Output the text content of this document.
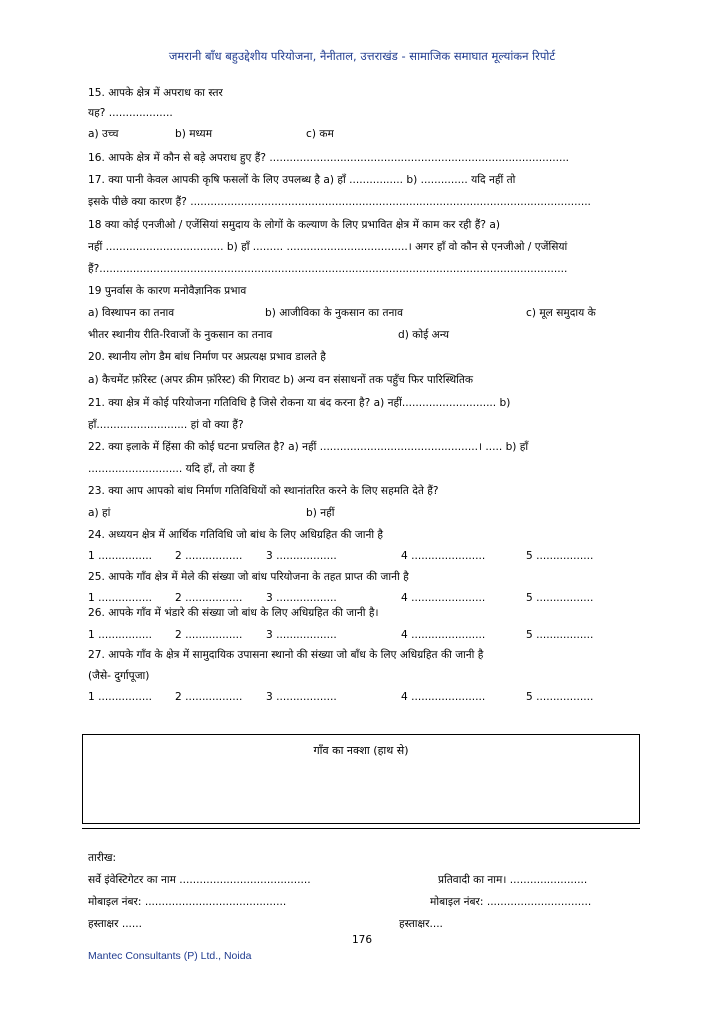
जमरानी बाँध बहुउद्देशीय परियोजना, नैनीताल, उत्तराखंड - सामाजिक समाघात मूल्यांकन रिपोर्ट
15. आपके क्षेत्र में अपराध का स्तर
यह? ...................
a) उच्च	b) मध्यम	c) कम
16. आपके क्षेत्र में कौन से बड़े अपराध हुए हैं? .........................................................................................
17. क्या पानी केवल आपकी कृषि फसलों के लिए उपलब्ध है a) हाँ ................ b) .............. यदि नहीं तो
इसके पीछे क्या कारण हैं? .......................................................................................................................
18 क्या कोई एनजीओ / एजेंसियां समुदाय के लोगों के कल्याण के लिए प्रभावित क्षेत्र में काम कर रही हैं? a)
नहीं ................................... b) हाँ ......... ....................................। अगर हाँ वो कौन से एनजीओ / एजेंसियां
हैं?...........................................................................................................................................
19 पुनर्वास के कारण मनोवैज्ञानिक प्रभाव
a) विस्थापन का तनाव	b) आजीविका के नुकसान का तनाव	c) मूल समुदाय के
भीतर स्थानीय रीति-रिवाजों के नुकसान का तनाव	d) कोई अन्य
20. स्थानीय लोग डैम बांध निर्माण पर अप्रत्यक्ष प्रभाव डालते है
a) कैचमेंट फ़ॉरेस्ट (अपर क्रीम फ़ॉरेस्ट) की गिरावट b) अन्य वन संसाधनों तक पहुँच फिर पारिस्थितिक
21. क्या क्षेत्र में कोई परियोजना गतिविधि है जिसे रोकना या बंद करना है? a) नहीं............................ b)
हाँ........................... हां वो क्या हैं?
22. क्या इलाके में हिंसा की कोई घटना प्रचलित है? a) नहीं ...............................................। ..... b) हाँ
............................ यदि हाँ, तो क्या हैं
23. क्या आप आपको बांध निर्माण गतिविधियों को स्थानांतरित करने के लिए सहमति देते हैं?
a) हां	b) नहीं
24. अध्ययन क्षेत्र में आर्थिक गतिविधि जो बांध के लिए अधिग्रहित की जानी है
1 ................ 2 ................. 3 ..................	4 ......................	5 .................
25. आपके गाँव क्षेत्र में मेले की संख्या जो बांध परियोजना के तहत प्राप्त की जानी है
1 ................ 2 ................. 3 ..................	4 ......................	5 .................
26. आपके गाँव में भंडारे की संख्या जो बांध के लिए अधिग्रहित की जानी है।
1 ................ 2 ................. 3 ..................	4 ......................	5 .................
27. आपके गाँव के क्षेत्र में सामुदायिक उपासना स्थानो की संख्या जो बाँध के लिए अधिग्रहित की जानी है
(जैसे- दुर्गापूजा)
1 ................ 2 ................. 3 ..................	4 ......................	5 .................
गाँव का नक्शा (हाथ से)
तारीख:
सर्वे इंवेस्टिगेटर का नाम .......................................	प्रतिवादी का नाम। .......................
मोबाइल नंबर: ..........................................	मोबाइल नंबर: ...............................
हस्ताक्षर ......	हस्ताक्षर....
176
Mantec Consultants (P) Ltd., Noida
